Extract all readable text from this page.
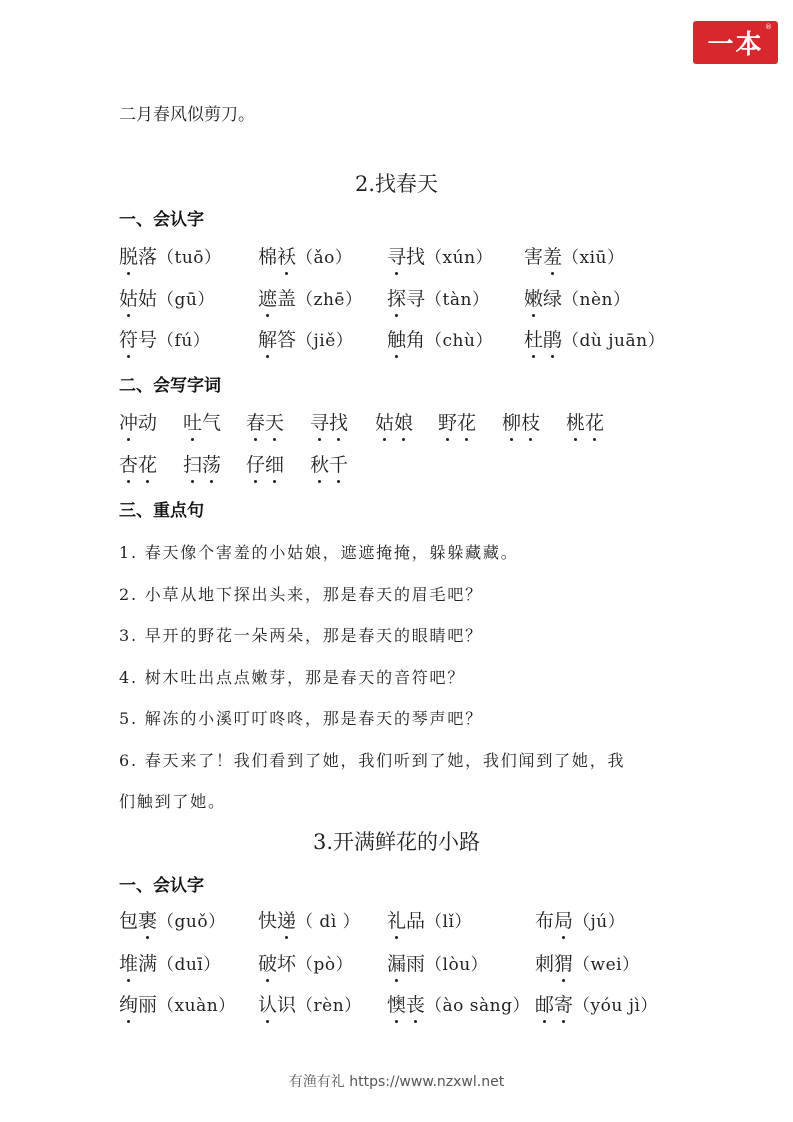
一本
®
二月春风似剪刀。
2.找春天
一、会认字
脱落（tuō） 棉袄（ǎo） 寻找（xún） 害羞（xiū）
姑姑（gū） 遮盖（zhē） 探寻（tàn） 嫩绿（nèn）
符号（fú）	解答（jiě） 触角（chù） 杜鹃（dù juān）
二、会写字词
冲动 吐气 春天 寻找 姑娘 野花 柳枝 桃花
杏花 扫荡 仔细 秋千
三、重点句
1. 春天像个害羞的小姑娘，遮遮掩掩，躲躲藏藏。
2. 小草从地下探出头来，那是春天的眉毛吧？
3. 早开的野花一朵两朵，那是春天的眼睛吧？
4. 树木吐出点点嫩芽，那是春天的音符吧？
5. 解冻的小溪叮叮咚咚，那是春天的琴声吧？
6. 春天来了！我们看到了她，我们听到了她，我们闻到了她，我
们触到了她。
3.开满鲜花的小路
一、会认字
包裹（guǒ） 快递（ dì ） 礼品（lǐ）	布局（jú）
堆满（duī） 破坏（pò） 漏雨（lòu） 刺猬（wei）
绚丽（xuàn） 认识（rèn） 懊丧（ào sàng） 邮寄（yóu jì）
有渔有礼 https://www.nzxwl.net
